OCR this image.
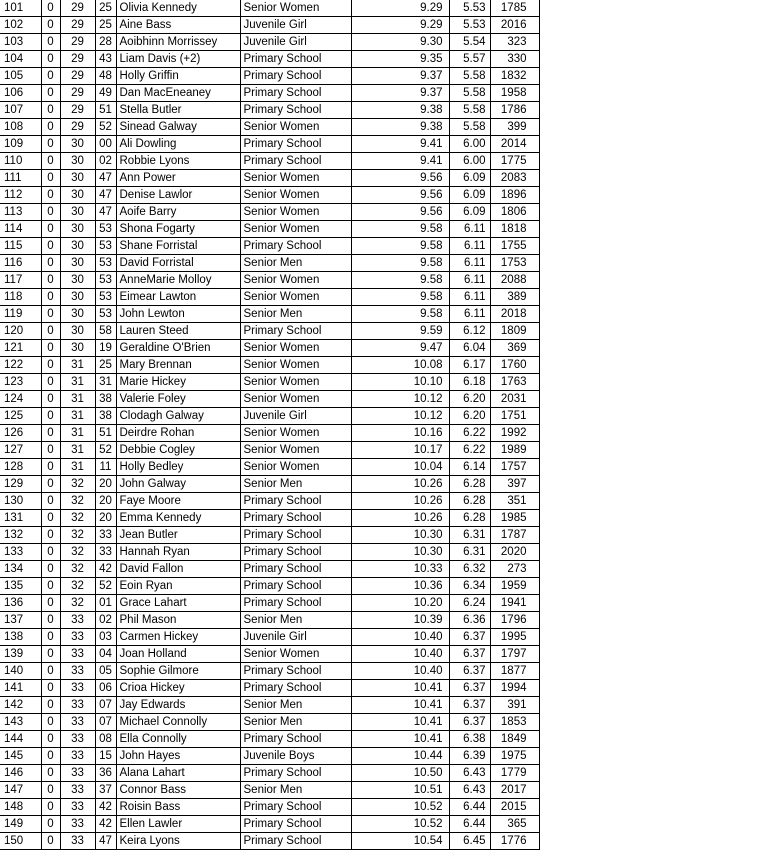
101	0	29	25	Olivia Kennedy	Senior Women		9.29	5.53	1785
102	0	29	25	Aine Bass	Juvenile Girl		9.29	5.53	2016
103	0	29	28	Aoibhinn Morrissey	Juvenile Girl		9.30	5.54	323
104	0	29	43	Liam Davis (+2)	Primary School		9.35	5.57	330
105	0	29	48	Holly Griffin	Primary School		9.37	5.58	1832
106	0	29	49	Dan MacEneaney	Primary School		9.37	5.58	1958
107	0	29	51	Stella Butler	Primary School		9.38	5.58	1786
108	0	29	52	Sinead Galway	Senior Women		9.38	5.58	399
109	0	30	00	Ali Dowling	Primary School		9.41	6.00	2014
110	0	30	02	Robbie Lyons	Primary School		9.41	6.00	1775
111	0	30	47	Ann Power	Senior Women		9.56	6.09	2083
112	0	30	47	Denise Lawlor	Senior Women		9.56	6.09	1896
113	0	30	47	Aoife Barry	Senior Women		9.56	6.09	1806
114	0	30	53	Shona Fogarty	Senior Women		9.58	6.11	1818
115	0	30	53	Shane Forristal	Primary School		9.58	6.11	1755
116	0	30	53	David Forristal	Senior Men		9.58	6.11	1753
117	0	30	53	AnneMarie Molloy	Senior Women		9.58	6.11	2088
118	0	30	53	Eimear Lawton	Senior Women		9.58	6.11	389
119	0	30	53	John Lewton	Senior Men		9.58	6.11	2018
120	0	30	58	Lauren Steed	Primary School		9.59	6.12	1809
121	0	30	19	Geraldine O'Brien	Senior Women		9.47	6.04	369
122	0	31	25	Mary Brennan	Senior Women		10.08	6.17	1760
123	0	31	31	Marie Hickey	Senior Women		10.10	6.18	1763
124	0	31	38	Valerie Foley	Senior Women		10.12	6.20	2031
125	0	31	38	Clodagh Galway	Juvenile Girl		10.12	6.20	1751
126	0	31	51	Deirdre Rohan	Senior Women		10.16	6.22	1992
127	0	31	52	Debbie Cogley	Senior Women		10.17	6.22	1989
128	0	31	11	Holly Bedley	Senior Women		10.04	6.14	1757
129	0	32	20	John Galway	Senior Men		10.26	6.28	397
130	0	32	20	Faye Moore	Primary School		10.26	6.28	351
131	0	32	20	Emma Kennedy	Primary School		10.26	6.28	1985
132	0	32	33	Jean Butler	Primary School		10.30	6.31	1787
133	0	32	33	Hannah Ryan	Primary School		10.30	6.31	2020
134	0	32	42	David Fallon	Primary School		10.33	6.32	273
135	0	32	52	Eoin Ryan	Primary School		10.36	6.34	1959
136	0	32	01	Grace Lahart	Primary School		10.20	6.24	1941
137	0	33	02	Phil Mason	Senior Men		10.39	6.36	1796
138	0	33	03	Carmen Hickey	Juvenile Girl		10.40	6.37	1995
139	0	33	04	Joan Holland	Senior Women		10.40	6.37	1797
140	0	33	05	Sophie Gilmore	Primary School		10.40	6.37	1877
141	0	33	06	Crioa Hickey	Primary School		10.41	6.37	1994
142	0	33	07	Jay Edwards	Senior Men		10.41	6.37	391
143	0	33	07	Michael Connolly	Senior Men		10.41	6.37	1853
144	0	33	08	Ella Connolly	Primary School		10.41	6.38	1849
145	0	33	15	John Hayes	Juvenile Boys		10.44	6.39	1975
146	0	33	36	Alana Lahart	Primary School		10.50	6.43	1779
147	0	33	37	Connor Bass	Senior Men		10.51	6.43	2017
148	0	33	42	Roisin Bass	Primary School		10.52	6.44	2015
149	0	33	42	Ellen Lawler	Primary School		10.52	6.44	365
150	0	33	47	Keira Lyons	Primary School		10.54	6.45	1776
